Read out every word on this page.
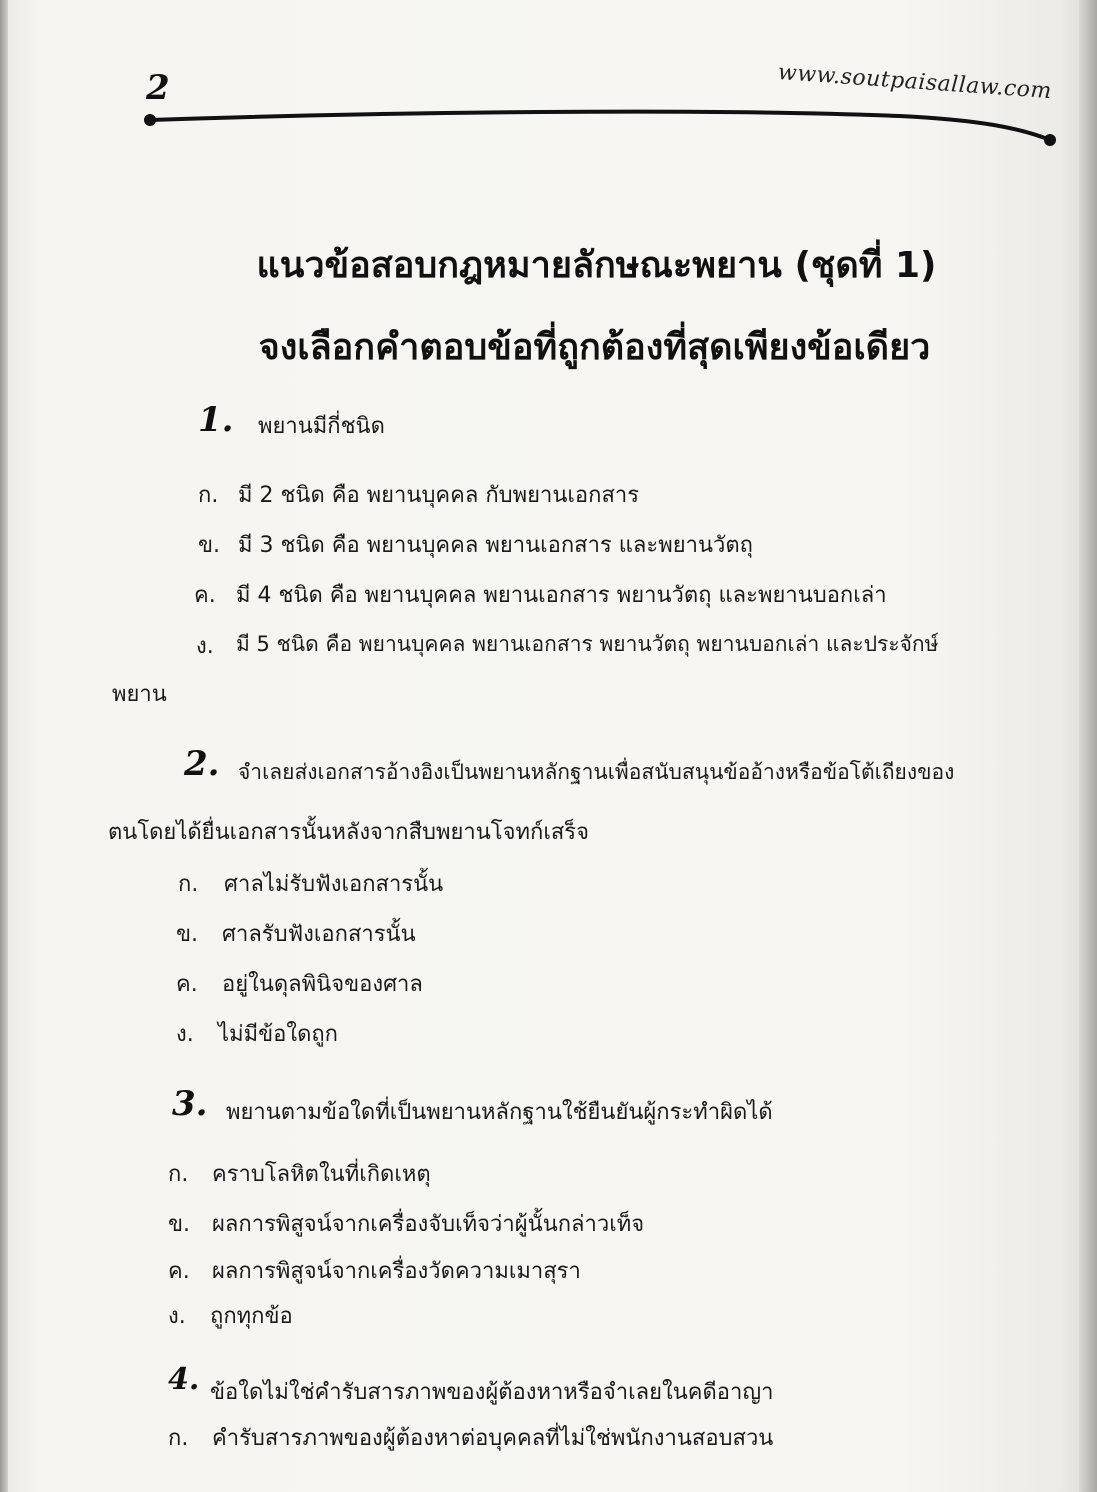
2	www.soutpaisallaw.com
แนวข้อสอบกฎหมายลักษณะพยาน (ชุดที่ 1)
จงเลือกคำตอบข้อที่ถูกต้องที่สุดเพียงข้อเดียว
1. พยานมีกี่ชนิด
ก. มี 2 ชนิด คือ พยานบุคคล กับพยานเอกสาร
ข. มี 3 ชนิด คือ พยานบุคคล พยานเอกสาร และพยานวัตถุ
ค. มี 4 ชนิด คือ พยานบุคคล พยานเอกสาร พยานวัตถุ และพยานบอกเล่า
ง. มี 5 ชนิด คือ พยานบุคคล พยานเอกสาร พยานวัตถุ พยานบอกเล่า และประจักษ์
พยาน
2. จำเลยส่งเอกสารอ้างอิงเป็นพยานหลักฐานเพื่อสนับสนุนข้ออ้างหรือข้อโต้เถียงของ
ตนโดยได้ยื่นเอกสารนั้นหลังจากสืบพยานโจทก์เสร็จ
ก. ศาลไม่รับฟังเอกสารนั้น
ข. ศาลรับฟังเอกสารนั้น
ค. อยู่ในดุลพินิจของศาล
ง. ไม่มีข้อใดถูก
3. พยานตามข้อใดที่เป็นพยานหลักฐานใช้ยืนยันผู้กระทำผิดได้
ก. คราบโลหิตในที่เกิดเหตุ
ข. ผลการพิสูจน์จากเครื่องจับเท็จว่าผู้นั้นกล่าวเท็จ
ค. ผลการพิสูจน์จากเครื่องวัดความเมาสุรา
ง. ถูกทุกข้อ
4. ข้อใดไม่ใช่คำรับสารภาพของผู้ต้องหาหรือจำเลยในคดีอาญา
ก. คำรับสารภาพของผู้ต้องหาต่อบุคคลที่ไม่ใช่พนักงานสอบสวน
